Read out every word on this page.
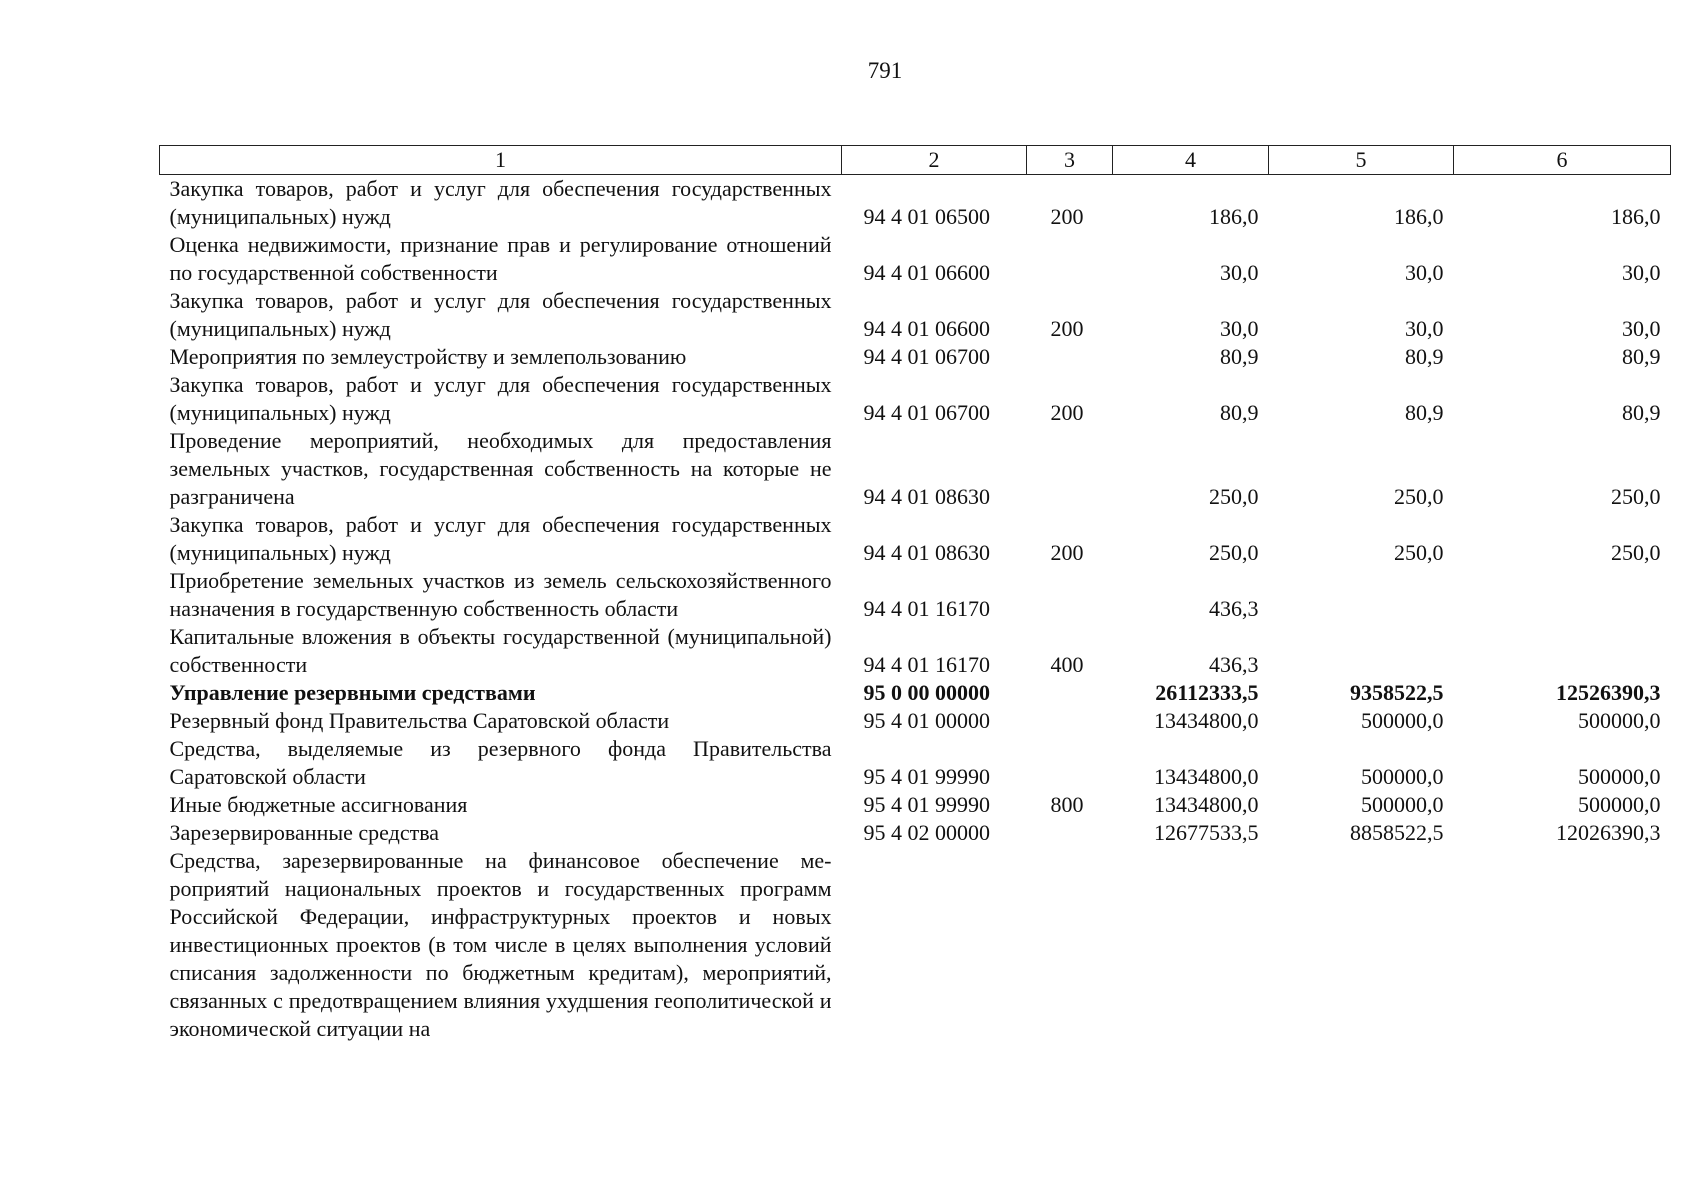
791
1	2	3	4	5	6
Закупка товаров, работ и услуг для обеспечения государственных (муниципальных) нужд	94 4 01 06500	200	186,0	186,0	186,0
Оценка недвижимости, признание прав и регулирование отношений по государственной собственности	94 4 01 06600		30,0	30,0	30,0
Закупка товаров, работ и услуг для обеспечения государственных (муниципальных) нужд	94 4 01 06600	200	30,0	30,0	30,0
Мероприятия по землеустройству и землепользованию	94 4 01 06700		80,9	80,9	80,9
Закупка товаров, работ и услуг для обеспечения государственных (муниципальных) нужд	94 4 01 06700	200	80,9	80,9	80,9
Проведение мероприятий, необходимых для предоставления земельных участков, государственная собственность на которые не разграничена	94 4 01 08630		250,0	250,0	250,0
Закупка товаров, работ и услуг для обеспечения государственных (муниципальных) нужд	94 4 01 08630	200	250,0	250,0	250,0
Приобретение земельных участков из земель сельскохозяйственного назначения в государственную собственность области	94 4 01 16170		436,3		
Капитальные вложения в объекты государственной (муниципальной) собственности	94 4 01 16170	400	436,3		
Управление резервными средствами	95 0 00 00000		26112333,5	9358522,5	12526390,3
Резервный фонд Правительства Саратовской области	95 4 01 00000		13434800,0	500000,0	500000,0
Средства, выделяемые из резервного фонда Правительства Саратовской области	95 4 01 99990		13434800,0	500000,0	500000,0
Иные бюджетные ассигнования	95 4 01 99990	800	13434800,0	500000,0	500000,0
Зарезервированные средства	95 4 02 00000		12677533,5	8858522,5	12026390,3
Средства, зарезервированные на финансовое обеспечение мероприятий национальных проектов и государственных программ Российской Федерации, инфраструктурных проектов и новых инвестиционных проектов (в том числе в целях выполнения условий списания задолженности по бюджетным кредитам), мероприятий, связанных с предотвращением влияния ухудшения геополитической и экономической ситуации на					
